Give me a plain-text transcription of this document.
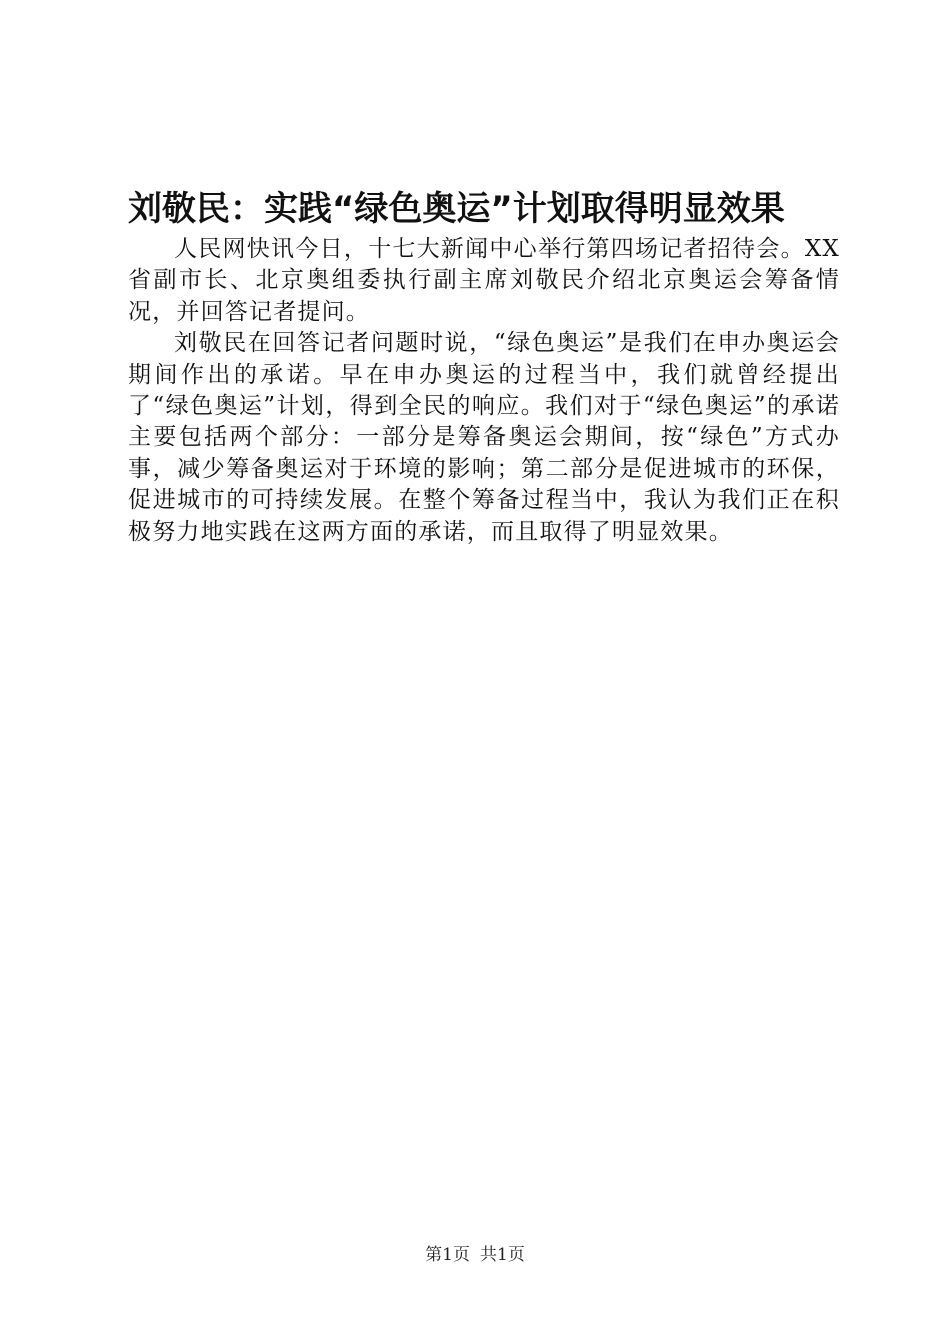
刘敬民：实践“绿色奥运”计划取得明显效果

人民网快讯今日，十七大新闻中心举行第四场记者招待会。XX省副市长、北京奥组委执行副主席刘敬民介绍北京奥运会筹备情况，并回答记者提问。

刘敬民在回答记者问题时说，“绿色奥运”是我们在申办奥运会期间作出的承诺。早在申办奥运的过程当中，我们就曾经提出了“绿色奥运”计划，得到全民的响应。我们对于“绿色奥运”的承诺主要包括两个部分：一部分是筹备奥运会期间，按“绿色”方式办事，减少筹备奥运对于环境的影响；第二部分是促进城市的环保，促进城市的可持续发展。在整个筹备过程当中，我认为我们正在积极努力地实践在这两方面的承诺，而且取得了明显效果。

第1页 共1页
